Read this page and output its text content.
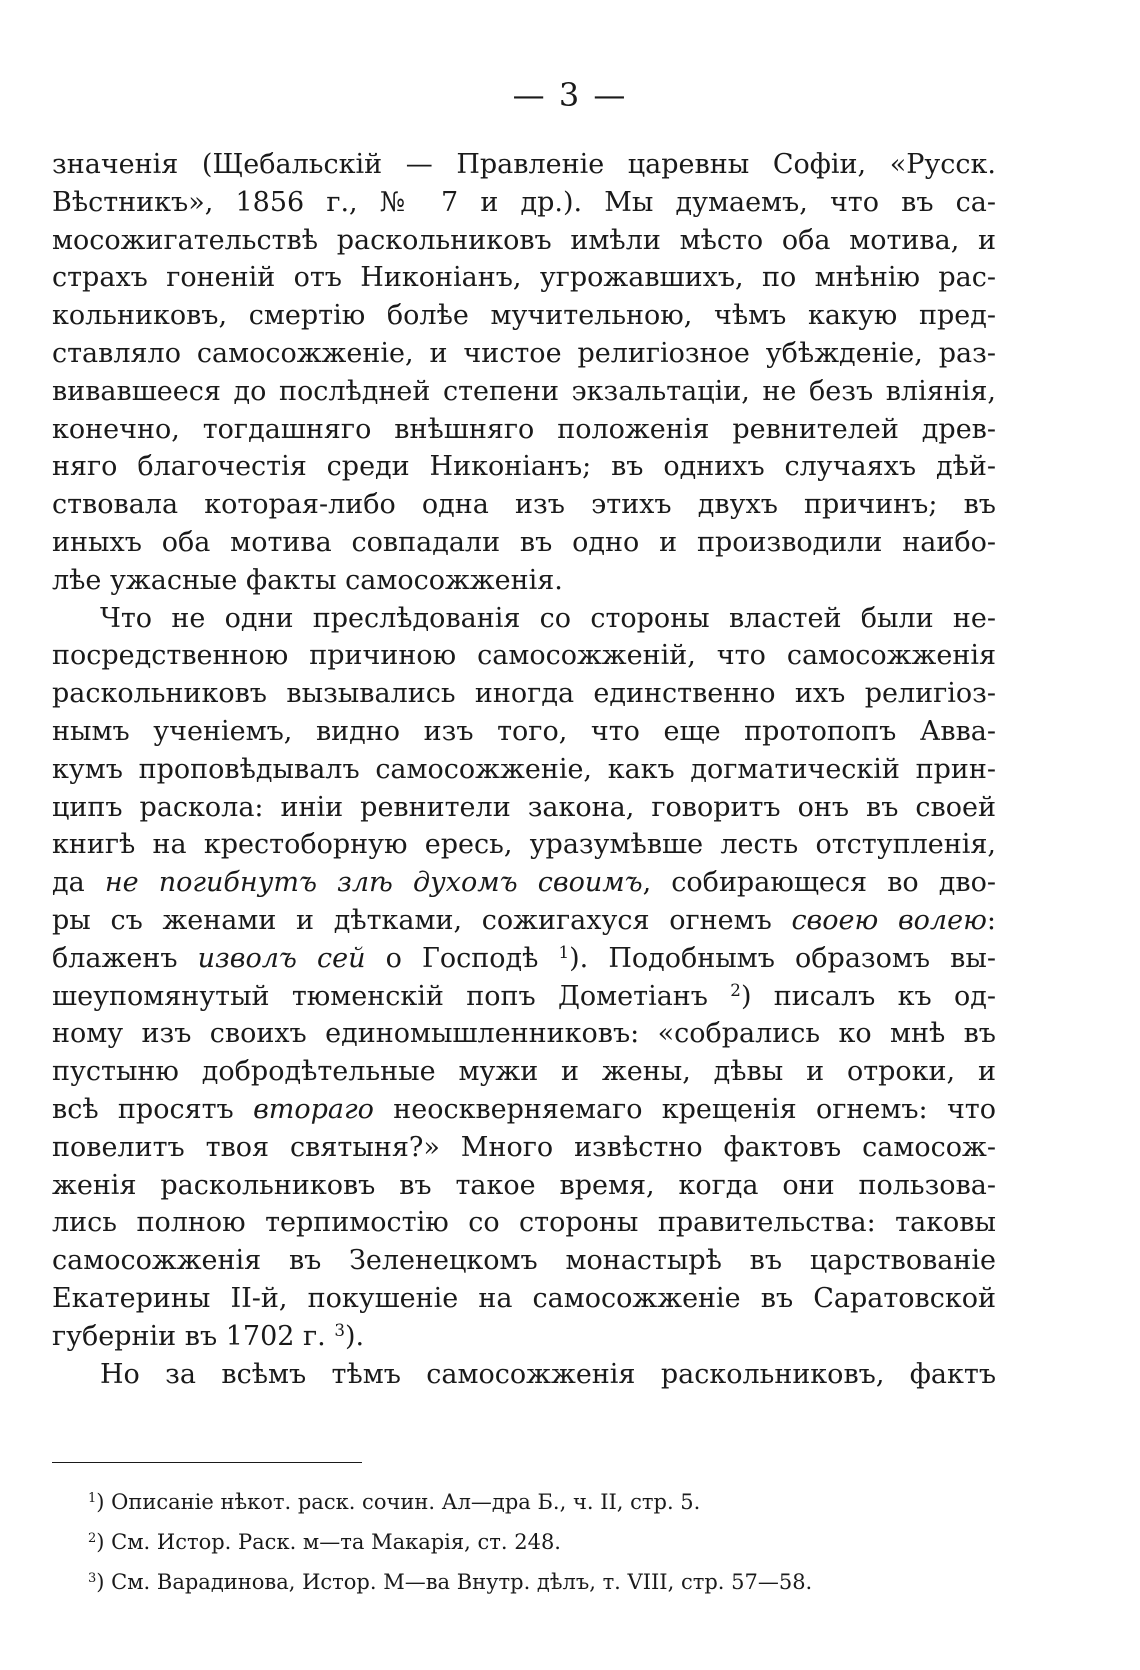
— 3 —
значенія (Щебальскій — Правленіе царевны Софіи, «Русск.
Вѣстникъ», 1856 г., № 7 и др.). Мы думаемъ, что въ са-
мосожигательствѣ раскольниковъ имѣли мѣсто оба мотива, и
страхъ гоненій отъ Никоніанъ, угрожавшихъ, по мнѣнію рас-
кольниковъ, смертію болѣе мучительною, чѣмъ какую пред-
ставляло самосожженіе, и чистое религіозное убѣжденіе, раз-
вивавшееся до послѣдней степени экзальтаціи, не безъ вліянія,
конечно, тогдашняго внѣшняго положенія ревнителей древ-
няго благочестія среди Никоніанъ; въ однихъ случаяхъ дѣй-
ствовала которая-либо одна изъ этихъ двухъ причинъ; въ
иныхъ оба мотива совпадали въ одно и производили наибо-
лѣе ужасные факты самосожженія.
Что не одни преслѣдованія со стороны властей были не-
посредственною причиною самосожженій, что самосожженія
раскольниковъ вызывались иногда единственно ихъ религіоз-
нымъ ученіемъ, видно изъ того, что еще протопопъ Авва-
кумъ проповѣдывалъ самосожженіе, какъ догматическій прин-
ципъ раскола: иніи ревнители закона, говоритъ онъ въ своей
книгѣ на крестоборную ересь, уразумѣвше лесть отступленія,
да не погибнутъ злѣ духомъ своимъ, собирающеся во дво-
ры съ женами и дѣтками, сожигахуся огнемъ своею волею:
блаженъ изволъ сей о Господѣ $^1$). Подобнымъ образомъ вы-
шеупомянутый тюменскій попъ Дометіанъ $^2$) писалъ къ од-
ному изъ своихъ единомышленниковъ: «собрались ко мнѣ въ
пустыню добродѣтельные мужи и жены, дѣвы и отроки, и
всѣ просятъ втораго неоскверняемаго крещенія огнемъ: что
повелитъ твоя святыня?» Много извѣстно фактовъ самосож-
женія раскольниковъ въ такое время, когда они пользова-
лись полною терпимостію со стороны правительства: таковы
самосожженія въ Зеленецкомъ монастырѣ въ царствованіе
Екатерины II-й, покушеніе на самосожженіе въ Саратовской
губерніи въ 1702 г. $^3$).
Но за всѣмъ тѣмъ самосожженія раскольниковъ, фактъ
$^1$) Описаніе нѣкот. раск. сочин. Ал—дра Б., ч. II, стр. 5.
$^2$) См. Истор. Раск. м—та Макарія, ст. 248.
$^3$) См. Варадинова, Истор. М—ва Внутр. дѣлъ, т. VIII, стр. 57—58.
